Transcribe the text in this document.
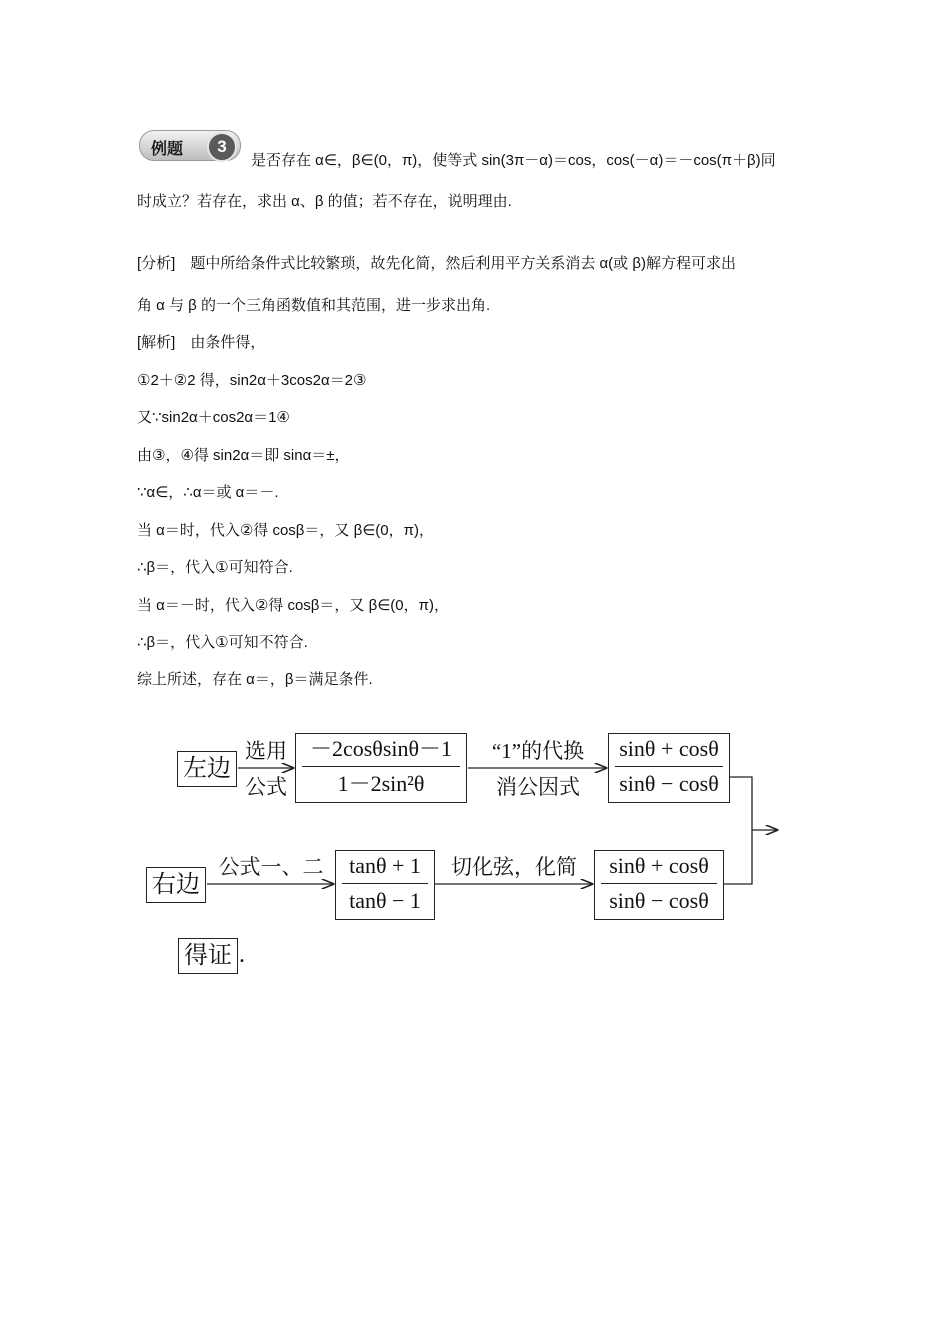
例题	3
是否存在 α∈，β∈(0，π)，使等式 sin(3π－α)＝cos，cos(－α)＝－cos(π＋β)同
时成立？若存在，求出 α、β 的值；若不存在，说明理由.
[分析]　题中所给条件式比较繁琐，故先化简，然后利用平方关系消去 α(或 β)解方程可求出
角 α 与 β 的一个三角函数值和其范围，进一步求出角.
[解析]　由条件得，
①2＋②2 得，sin2α＋3cos2α＝2③
又∵sin2α＋cos2α＝1④
由③，④得 sin2α＝即 sinα＝±，
∵α∈，∴α＝或 α＝－.
当 α＝时，代入②得 cosβ＝，又 β∈(0，π)，
∴β＝，代入①可知符合.
当 α＝－时，代入②得 cosβ＝，又 β∈(0，π)，
∴β＝，代入①可知不符合.
综上所述，存在 α＝，β＝满足条件.
左边
选用
公式
－2cosθsinθ－1
1－2sin²θ
“1”的代换
消公因式
sinθ + cosθ
sinθ − cosθ
右边
公式一、二	tanθ + 1
tanθ − 1
切化弦，化简	sinθ + cosθ
sinθ − cosθ
得证 .
